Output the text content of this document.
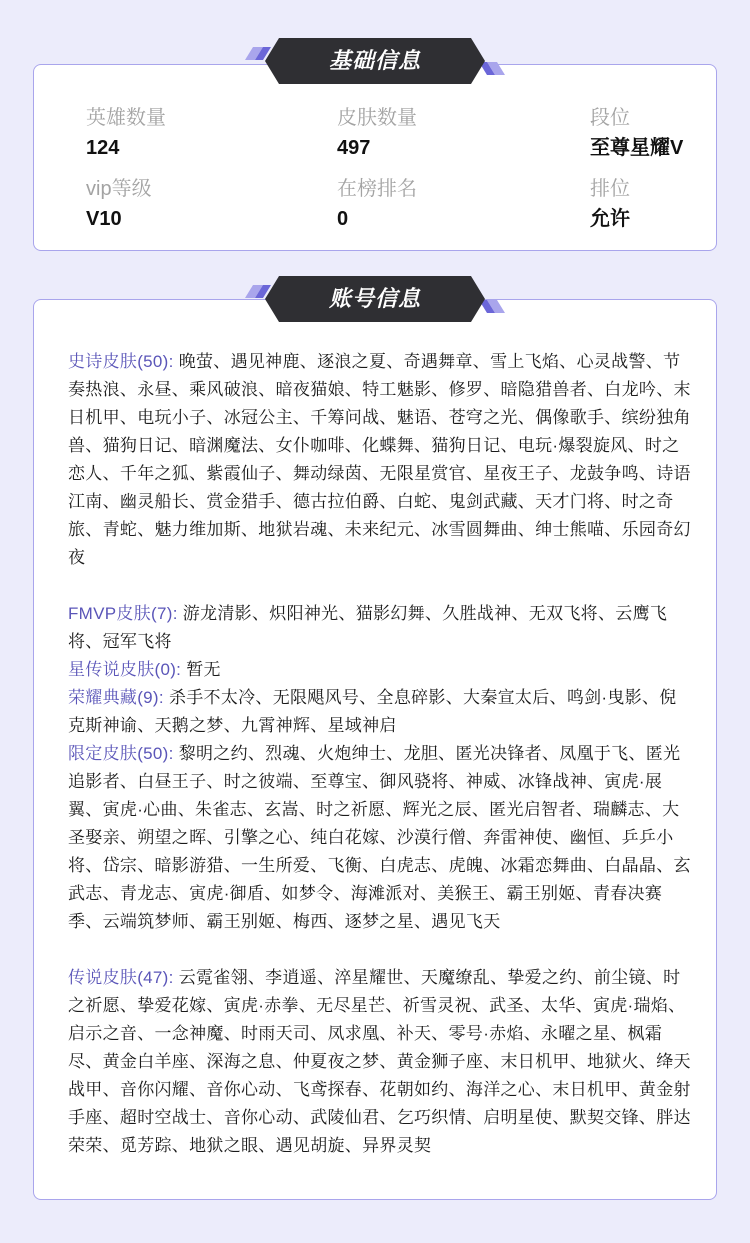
基础信息
英雄数量
124
皮肤数量
497
段位
至尊星耀V
vip等级
V10
在榜排名
0
排位
允许
账号信息

史诗皮肤(50): 晚萤、遇见神鹿、逐浪之夏、奇遇舞章、雪上飞焰、心灵战警、节奏热浪、永昼、乘风破浪、暗夜猫娘、特工魅影、修罗、暗隐猎兽者、白龙吟、末日机甲、电玩小子、冰冠公主、千筹问战、魅语、苍穹之光、偶像歌手、缤纷独角兽、猫狗日记、暗渊魔法、女仆咖啡、化蝶舞、猫狗日记、电玩·爆裂旋风、时之恋人、千年之狐、紫霞仙子、舞动绿茵、无限星赏官、星夜王子、龙鼓争鸣、诗语江南、幽灵船长、赏金猎手、德古拉伯爵、白蛇、鬼剑武藏、天才门将、时之奇旅、青蛇、魅力维加斯、地狱岩魂、未来纪元、冰雪圆舞曲、绅士熊喵、乐园奇幻夜

FMVP皮肤(7): 游龙清影、炽阳神光、猫影幻舞、久胜战神、无双飞将、云鹰飞将、冠军飞将

星传说皮肤(0): 暂无

荣耀典藏(9): 杀手不太冷、无限飓风号、全息碎影、大秦宣太后、鸣剑·曳影、倪克斯神谕、天鹅之梦、九霄神辉、星域神启

限定皮肤(50): 黎明之约、烈魂、火炮绅士、龙胆、匿光决锋者、凤凰于飞、匿光追影者、白昼王子、时之彼端、至尊宝、御风骁将、神威、冰锋战神、寅虎·展翼、寅虎·心曲、朱雀志、玄嵩、时之祈愿、辉光之辰、匿光启智者、瑞麟志、大圣娶亲、朔望之晖、引擎之心、纯白花嫁、沙漠行僧、奔雷神使、幽恒、乒乒小将、岱宗、暗影游猎、一生所爱、飞衡、白虎志、虎魄、冰霜恋舞曲、白晶晶、玄武志、青龙志、寅虎·御盾、如梦令、海滩派对、美猴王、霸王别姬、青春决赛季、云端筑梦师、霸王别姬、梅西、逐梦之星、遇见飞天

传说皮肤(47): 云霓雀翎、李逍遥、淬星耀世、天魔缭乱、挚爱之约、前尘镜、时之祈愿、挚爱花嫁、寅虎·赤拳、无尽星芒、祈雪灵祝、武圣、太华、寅虎·瑞焰、启示之音、一念神魔、时雨天司、凤求凰、补天、零号·赤焰、永曜之星、枫霜尽、黄金白羊座、深海之息、仲夏夜之梦、黄金狮子座、末日机甲、地狱火、绛天战甲、音你闪耀、音你心动、飞鸢探春、花朝如约、海洋之心、末日机甲、黄金射手座、超时空战士、音你心动、武陵仙君、乞巧织情、启明星使、默契交锋、胖达荣荣、觅芳踪、地狱之眼、遇见胡旋、异界灵契
